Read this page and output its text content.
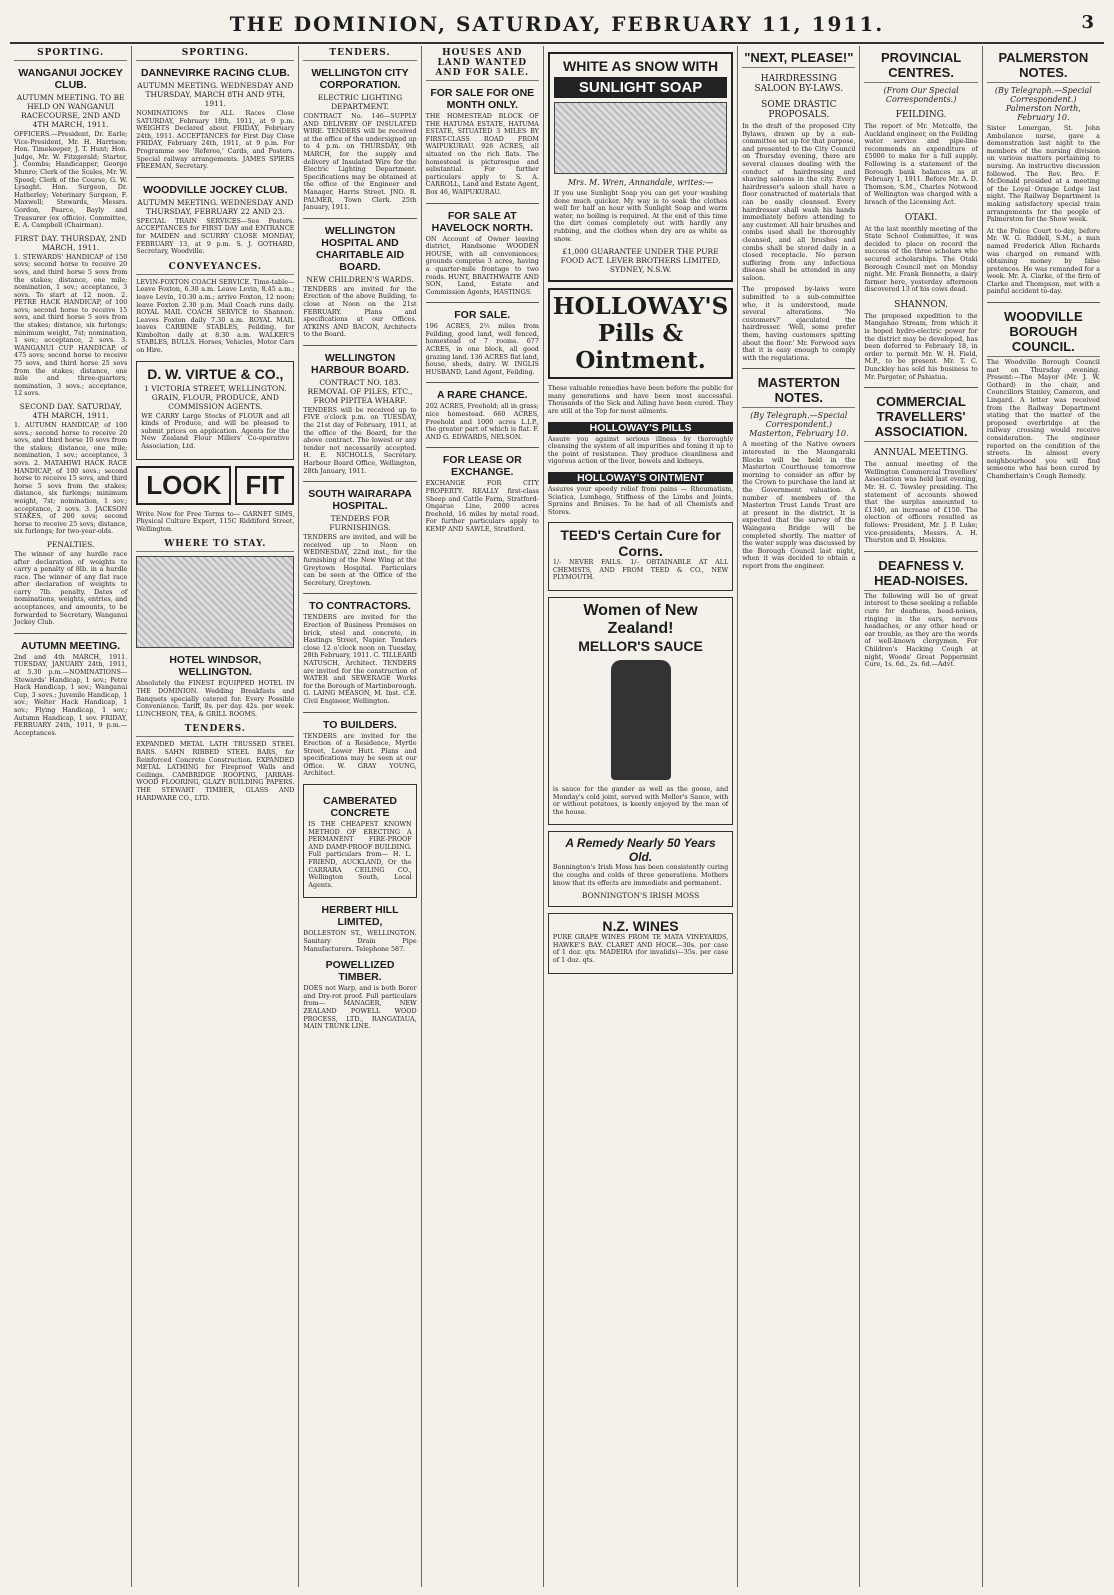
THE DOMINION, SATURDAY, FEBRUARY 11, 1911.	3
SPORTING.
WANGANUI JOCKEY CLUB.
AUTUMN MEETING. TO BE HELD ON WANGANUI RACECOURSE, 2ND AND 4TH MARCH, 1911.

OFFICERS.—President, Dr. Earle; Vice-President, Mr. H. Harrison; Hon. Timekeeper, J. T. Hunt; Hon. Judge, Mr. W. Fitzgerald; Starter, J. Coombs; Handicapper, George Munro; Clerk of the Scales, Mr. W. Speed; Clerk of the Course, G. W. Lysaght. Hon. Surgeon, Dr. Hatherley; Veterinary Surgeon, F. Maxwell; Stewards, Messrs. Gordon, Pearce, Bayly and Treasurer (ex officio). Committee, E. A. Campbell (Chairman).

FIRST DAY. THURSDAY, 2ND MARCH, 1911.

1. STEWARDS' HANDICAP of 150 sovs; second horse to receive 20 sovs, and third horse 5 sovs from the stakes; distance, one mile; nomination, 1 sov.; acceptance, 3 sovs. To start at 12 noon. 2. PETRE HACK HANDICAP, of 100 sovs; second horse to receive 15 sovs, and third horse 5 sovs from the stakes; distance, six furlongs; minimum weight, 7st; nomination, 1 sov.; acceptance, 2 sovs. 3. WANGANUI CUP HANDICAP, of 475 sovs; second horse to receive 75 sovs, and third horse 25 sovs from the stakes; distance, one mile and three-quarters; nomination, 3 sovs.; acceptance, 12 sovs.

SECOND DAY. SATURDAY, 4TH MARCH, 1911.

1. AUTUMN HANDICAP, of 100 sovs.; second horse to receive 20 sovs, and third horse 10 sovs from the stakes; distance, one mile; nomination, 1 sov.; acceptance, 3 sovs. 2. MATAHIWI HACK RACE HANDICAP, of 100 sovs.; second horse to receive 15 sovs, and third horse 5 sovs from the stakes; distance, six furlongs; minimum weight, 7st; nomination, 1 sov.; acceptance, 2 sovs. 3. JACKSON STAKES, of 200 sovs; second horse to receive 25 sovs; distance, six furlongs; for two-year-olds.

PENALTIES.

The winner of any hurdle race after declaration of weights to carry a penalty of 8lb. in a hurdle race. The winner of any flat race after declaration of weights to carry 7lb. penalty. Dates of nominations, weights, entries, and acceptances, and amounts, to be forwarded to Secretary, Wanganui Jockey Club.

AUTUMN MEETING.

2nd and 4th MARCH, 1911. TUESDAY, JANUARY 24th, 1911, at 5.30 p.m.—NOMINATIONS—Stewards' Handicap, 1 sov.; Petre Hack Handicap, 1 sov.; Wanganui Cup, 3 sovs.; Juvenile Handicap, 1 sov.; Welter Hack Handicap, 1 sov.; Flying Handicap, 1 sov.; Autumn Handicap, 1 sov. FRIDAY, FEBRUARY 24th, 1911, 9 p.m.—Acceptances.

SPORTING.
DANNEVIRKE RACING CLUB.
AUTUMN MEETING. WEDNESDAY AND THURSDAY, MARCH 8TH AND 9TH, 1911.

NOMINATIONS for ALL Races Close SATURDAY, February 18th, 1911, at 9 p.m. WEIGHTS Declared about FRIDAY, February 24th, 1911. ACCEPTANCES for First Day Close FRIDAY, February 24th, 1911, at 9 p.m. For Programme see 'Referee,' Cards, and Posters. Special railway arrangements. JAMES SPIERS FREEMAN, Secretary.

WOODVILLE JOCKEY CLUB.
AUTUMN MEETING. WEDNESDAY AND THURSDAY, FEBRUARY 22 AND 23.

SPECIAL TRAIN SERVICES—See Posters. ACCEPTANCES for FIRST DAY and ENTRANCE for MAIDEN and SCURRY CLOSE MONDAY, FEBRUARY 13, at 9 p.m. S. J. GOTHARD, Secretary, Woodville.

CONVEYANCES.

LEVIN-FOXTON COACH SERVICE. Time-table—Leave Foxton, 6.30 a.m. Leave Levin, 8.45 a.m.; leave Levin, 10.30 a.m.; arrive Foxton, 12 noon; leave Foxton 2.30 p.m. Mail Coach runs daily. ROYAL MAIL COACH SERVICE to Shannon. Leaves Foxton daily 7.30 a.m. ROYAL MAIL leaves CARBINE STABLES, Feilding, for Kimbolton daily at 8.30 a.m. WALKER'S STABLES, BULLS. Horses, Vehicles, Motor Cars on Hire.

D. W. VIRTUE & CO.,
1 VICTORIA STREET, WELLINGTON. GRAIN, FLOUR, PRODUCE, AND COMMISSION AGENTS.

WE CARRY Large Stocks of FLOUR and all kinds of Produce, and will be pleased to submit prices on application. Agents for the New Zealand Flour Millers' Co-operative Association, Ltd.

LOOK FIT

Write Now for Free Terms to— GARNET SIMS, Physical Culture Expert, 115C Riddiford Street, Wellington.

WHERE TO STAY.
HOTEL WINDSOR, WELLINGTON.

Absolutely the FINEST EQUIPPED HOTEL IN THE DOMINION. Wedding Breakfasts and Banquets specially catered for. Every Possible Convenience. Tariff, 8s. per day. 42s. per week. LUNCHEON, TEA, & GRILL ROOMS.

TENDERS.

EXPANDED METAL LATH TRUSSED STEEL BARS. SAHN RIBBED STEEL BARS, for Reinforced Concrete Construction. EXPANDED METAL LATHING for Fireproof Walls and Ceilings. CAMBRIDGE ROOFING, JARRAH-WOOD FLOORING, GLAZY BUILDING PAPERS. THE STEWART TIMBER, GLASS AND HARDWARE CO., LTD.

TENDERS.
WELLINGTON CITY CORPORATION.
ELECTRIC LIGHTING DEPARTMENT.

CONTRACT No. 146—SUPPLY AND DELIVERY OF INSULATED WIRE. TENDERS will be received at the office of the undersigned up to 4 p.m. on THURSDAY, 9th MARCH, for the supply and delivery of Insulated Wire for the Electric Lighting Department. Specifications may be obtained at the office of the Engineer and Manager, Harris Street. JNO. R. PALMER, Town Clerk. 25th January, 1911.

WELLINGTON HOSPITAL AND CHARITABLE AID BOARD.
NEW CHILDREN'S WARDS.

TENDERS are invited for the Erection of the above Building, to close at Noon on the 21st FEBRUARY. Plans and specifications at our Offices. ATKINS AND BACON, Architects to the Board.

WELLINGTON HARBOUR BOARD.
CONTRACT NO. 183. REMOVAL OF PILES, ETC., FROM PIPITEA WHARF.

TENDERS will be received up to FIVE o'clock p.m. on TUESDAY, the 21st day of February, 1911, at the office of the Board, for the above contract. The lowest or any tender not necessarily accepted. H. E. NICHOLLS, Secretary. Harbour Board Office, Wellington, 28th January, 1911.

SOUTH WAIRARAPA HOSPITAL.
TENDERS FOR FURNISHINGS.

TENDERS are invited, and will be received up to Noon on WEDNESDAY, 22nd inst., for the furnishing of the New Wing at the Greytown Hospital. Particulars can be seen at the Office of the Secretary, Greytown.

TO CONTRACTORS.

TENDERS are invited for the Erection of Business Premises on brick, steel and concrete, in Hastings Street, Napier. Tenders close 12 o'clock noon on Tuesday, 28th February, 1911. C. TILLEARD NATUSCH, Architect. TENDERS are invited for the construction of WATER and SEWERAGE Works for the Borough of Martinborough. G. LAING MEASON, M. Inst. C.E. Civil Engineer, Wellington.

TO BUILDERS.

TENDERS are invited for the Erection of a Residence, Myrtle Street, Lower Hutt. Plans and specifications may be seen at our Office. W. GRAY YOUNG, Architect.

CAMBERATED CONCRETE

IS THE CHEAPEST KNOWN METHOD OF ERECTING A PERMANENT FIRE-PROOF AND DAMP-PROOF BUILDING. Full particulars from— H. L. FRIEND, AUCKLAND, Or the CARRARA CEILING CO., Wellington South, Local Agents.

HERBERT HILL LIMITED,

BOLLESTON ST., WELLINGTON. Sanitary Drain Pipe Manufacturers. Telephone 587.

POWELLIZED TIMBER.

DOES not Warp, and is both Borer and Dry-rot proof. Full particulars from— MANAGER, NEW ZEALAND POWELL WOOD PROCESS, LTD., RANGATAUA, MAIN TRUNK LINE.

HOUSES AND LAND WANTED AND FOR SALE.
FOR SALE FOR ONE MONTH ONLY.

THE HOMESTEAD BLOCK OF THE HATUMA ESTATE, HATUMA ESTATE, SITUATED 3 MILES BY FIRST-CLASS ROAD FROM WAIPUKURAU. 926 ACRES, all situated on the rich flats. The homestead is picturesque and substantial. For further particulars apply to S. A. CARROLL, Land and Estate Agent, Box 46, WAIPUKURAU.

FOR SALE AT HAVELOCK NORTH.

ON Account of Owner leaving district, Handsome WOODEN HOUSE, with all conveniences; grounds comprise 3 acres, having a quarter-mile frontage to two roads. HUNT, BRAITHWAITE AND SON, Land, Estate and Commission Agents, HASTINGS.

FOR SALE.

196 ACRES, 2½ miles from Feilding, good land, well fenced, homestead of 7 rooms. 677 ACRES, in one block, all good grazing land. 136 ACRES flat land, house, sheds, dairy. W. INGLIS HUSBAND, Land Agent, Feilding.

A RARE CHANCE.

202 ACRES, Freehold; all in grass; nice homestead. 660 ACRES, Freehold and 1000 acres L.I.P., the greater part of which is flat. F. AND G. EDWARDS, NELSON.

FOR LEASE OR EXCHANGE.

EXCHANGE FOR CITY PROPERTY. REALLY first-class Sheep and Cattle Farm, Stratford-Ongarue Line, 2000 acres freehold, 16 miles by metal road. For further particulars apply to KEMP AND SAWLE, Stratford.

WHITE AS SNOW WITH
SUNLIGHT SOAP
Mrs. M. Wren, Annandale, writes:—

If you use Sunlight Soap you can get your washing done much quicker. My way is to soak the clothes well for half an hour with Sunlight Soap and warm water, no boiling is required. At the end of this time the dirt comes completely out with hardly any rubbing, and the clothes when dry are as white as snow.

£1,000 GUARANTEE UNDER THE PURE FOOD ACT. LEVER BROTHERS LIMITED, SYDNEY, N.S.W.
HOLLOWAY'S Pills & Ointment.

These valuable remedies have been before the public for many generations and have been most successful. Thousands of the Sick and Ailing have been cured. They are still at the Top for most ailments.

HOLLOWAY'S PILLS

Assure you against serious illness by thoroughly cleansing the system of all impurities and toning it up to the point of resistance. They produce cleanliness and vigorous action of the liver, bowels and kidneys.

HOLLOWAY'S OINTMENT

Assures your speedy relief from pains — Rheumatism, Sciatica, Lumbago, Stiffness of the Limbs and Joints, Sprains and Bruises. To be had of all Chemists and Stores.

TEED'S Certain Cure for Corns.

1/- NEVER FAILS. 1/- OBTAINABLE AT ALL CHEMISTS, AND FROM TEED & CO., NEW PLYMOUTH.

Women of New Zealand!
MELLOR'S SAUCE

is sauce for the gander as well as the goose, and Monday's cold joint, served with Mellor's Sauce, with or without potatoes, is keenly enjoyed by the man of the house.

A Remedy Nearly 50 Years Old.

Bonnington's Irish Moss has been consistently curing the coughs and colds of three generations. Mothers know that its effects are immediate and permanent.

BONNINGTON'S IRISH MOSS
N.Z. WINES

PURE GRAPE WINES FROM TE MATA VINEYARDS, HAWKE'S BAY. CLARET AND HOCK—30s. per case of 1 doz. qts. MADEIRA (for invalids)—35s. per case of 1 doz. qts.

"NEXT, PLEASE!"
HAIRDRESSING SALOON BY-LAWS.
SOME DRASTIC PROPOSALS.

In the draft of the proposed City Bylaws, drawn up by a sub-committee set up for that purpose, and presented to the City Council on Thursday evening, there are several clauses dealing with the conduct of hairdressing and shaving saloons in the city. Every hairdresser's saloon shall have a floor constructed of materials that can be easily cleansed. Every hairdresser shall wash his hands immediately before attending to any customer. All hair brushes and combs used shall be thoroughly cleansed, and all brushes and combs shall be stored daily in a closed receptacle. No person suffering from any infectious disease shall be attended in any saloon.

The proposed by-laws were submitted to a sub-committee who, it is understood, made several alterations. 'No customers?' ejaculated the hairdresser. 'Well, some prefer them, having customers spitting about the floor.' Mr. Forwood says that it is easy enough to comply with the regulations.

MASTERTON NOTES.
(By Telegraph.—Special Correspondent.) Masterton, February 10.

A meeting of the Native owners interested in the Maungaraki Blocks will be held in the Masterton Courthouse tomorrow morning to consider an offer by the Crown to purchase the land at the Government valuation. A number of members of the Masterton Trust Lands Trust are at present in the district. It is expected that the survey of the Waingawa Bridge will be completed shortly. The matter of the water supply was discussed by the Borough Council last night, when it was decided to obtain a report from the engineer.

PROVINCIAL CENTRES.
(From Our Special Correspondents.)
FEILDING.

The report of Mr. Metcalfe, the Auckland engineer, on the Feilding water service and pipe-line recommends an expenditure of £5000 to make for a full supply. Following is a statement of the Borough bank balances as at February 1, 1911. Before Mr. A. D. Thomson, S.M., Charles Notwood of Wellington was charged with a breach of the Licensing Act.

OTAKI.

At the last monthly meeting of the State School Committee, it was decided to place on record the success of the three scholars who secured scholarships. The Otaki Borough Council met on Monday night. Mr. Frank Bennetts, a dairy farmer here, yesterday afternoon discovered 13 of his cows dead.

SHANNON.

The proposed expedition to the Mangahao Stream, from which it is hoped hydro-electric power for the district may be developed, has been deferred to February 18, in order to permit Mr. W. H. Field, M.P., to be present. Mr. T. C. Dunckley has sold his business to Mr. Pargeter, of Pahiatua.

COMMERCIAL TRAVELLERS' ASSOCIATION.
ANNUAL MEETING.

The annual meeting of the Wellington Commercial Travellers' Association was held last evening, Mr. H. C. Tewsley presiding. The statement of accounts showed that the surplus amounted to £1340, an increase of £150. The election of officers resulted as follows: President, Mr. J. P. Luke; vice-presidents, Messrs. A. H. Thurston and D. Hoskins.

DEAFNESS V. HEAD-NOISES.

The following will be of great interest to those seeking a reliable cure for deafness, head-noises, ringing in the ears, nervous headaches, or any other head or ear trouble, as they are the words of well-known clergymen. For Children's Hacking Cough at night, Woods' Great Peppermint Cure, 1s. 6d., 2s. 6d.—Advt.

PALMERSTON NOTES.
(By Telegraph.—Special Correspondent.) Palmerston North, February 10.

Sister Lonergan, St. John Ambulance nurse, gave a demonstration last night to the members of the nursing division on various matters pertaining to nursing. An instructive discussion followed. The Rev. Bro. F. McDonald presided at a meeting of the Loyal Orange Lodge last night. The Railway Department is making satisfactory special train arrangements for the people of Palmerston for the Show week.

At the Police Court to-day, before Mr. W. G. Riddell, S.M., a man named Frederick Allen Richards was charged on remand with obtaining money by false pretences. He was remanded for a week. Mr. A. Clarke, of the firm of Clarke and Thompson, met with a painful accident to-day.

WOODVILLE BOROUGH COUNCIL.

The Woodville Borough Council met on Thursday evening. Present:—The Mayor (Mr. J. W. Gothard) in the chair, and Councillors Stanley, Cameron, and Lingard. A letter was received from the Railway Department stating that the matter of the proposed overbridge at the railway crossing would receive consideration. The engineer reported on the condition of the streets. In almost every neighbourhood you will find someone who has been cured by Chamberlain's Cough Remedy.
